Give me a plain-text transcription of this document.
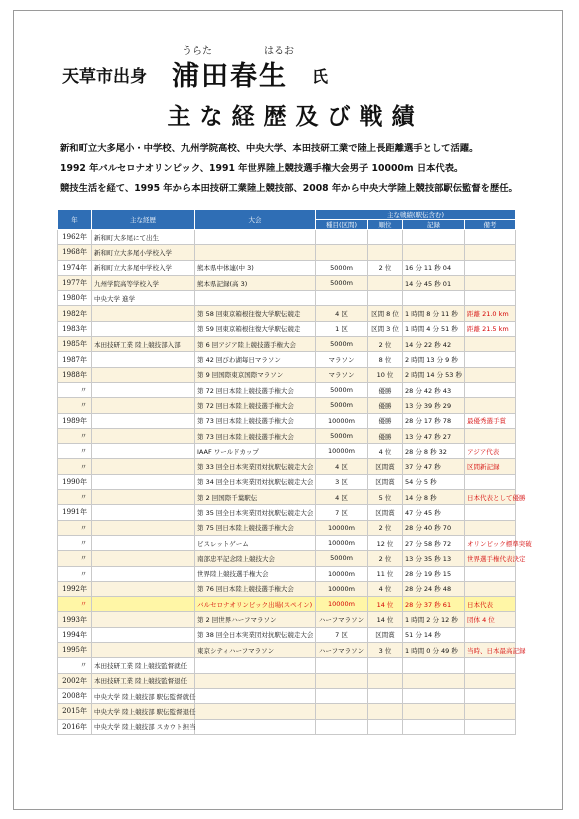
天草市出身
うらた	はるお
浦田春生 氏
主な経歴及び戦績
新和町立大多尾小・中学校、九州学院高校、中央大学、本田技研工業で陸上長距離選手として活躍。
1992 年バルセロナオリンピック、1991 年世界陸上競技選手権大会男子 10000m 日本代表。
競技生活を経て、1995 年から本田技研工業陸上競技部、2008 年から中央大学陸上競技部駅伝監督を歴任。
年	主な経歴	大会	主な戦績(駅伝含む)			
			種目(区間)	順位	記録	備考
1962年	新和町大多尾にて出生					
1968年	新和町立大多尾小学校入学					
1974年	新和町立大多尾中学校入学	熊本県中体連(中 3)	5000m	2 位	16 分 11 秒 04	
1977年	九州学院高等学校入学	熊本県記録(高 3)	5000m		14 分 45 秒 01	
1980年	中央大学 進学					
1982年		第 58 回東京箱根往復大学駅伝競走	4 区	区間 8 位	1 時間 8 分 11 秒	距離 21.0 km
1983年		第 59 回東京箱根往復大学駅伝競走	1 区	区間 3 位	1 時間 4 分 51 秒	距離 21.5 km
1985年	本田技研工業 陸上競技部入部	第 6 回アジア陸上競技選手権大会	5000m	2 位	14 分 22 秒 42	
1987年		第 42 回びわ湖毎日マラソン	マラソン	8 位	2 時間 13 分 9 秒	
1988年		第 9 回国際東京国際マラソン	マラソン	10 位	2 時間 14 分 53 秒	
〃		第 72 回日本陸上競技選手権大会	5000m	優勝	28 分 42 秒 43	
〃		第 72 回日本陸上競技選手権大会	5000m	優勝	13 分 39 秒 29	
1989年		第 73 回日本陸上競技選手権大会	10000m	優勝	28 分 17 秒 78	最優秀選手賞
〃		第 73 回日本陸上競技選手権大会	5000m	優勝	13 分 47 秒 27	
〃		IAAF ワールドカップ	10000m	4 位	28 分 8 秒 32	アジア代表
〃		第 33 回全日本実業団対抗駅伝競走大会	4 区	区間賞	37 分 47 秒	区間新記録
1990年		第 34 回全日本実業団対抗駅伝競走大会	3 区	区間賞	54 分 5 秒	
〃		第 2 回国際千葉駅伝	4 区	5 位	14 分 8 秒	日本代表として優勝
1991年		第 35 回全日本実業団対抗駅伝競走大会	7 区	区間賞	47 分 45 秒	
〃		第 75 回日本陸上競技選手権大会	10000m	2 位	28 分 40 秒 70	
〃		ビスレットゲーム	10000m	12 位	27 分 58 秒 72	オリンピック標準突破
〃		南部忠平記念陸上競技大会	5000m	2 位	13 分 35 秒 13	世界選手権代表決定
〃		世界陸上競技選手権大会	10000m	11 位	28 分 19 秒 15	
1992年		第 76 回日本陸上競技選手権大会	10000m	4 位	28 分 24 秒 48	
〃		バルセロナオリンピック出場(スペイン)	10000m	14 位	28 分 37 秒 61	日本代表
1993年		第 2 回世界ハーフマラソン	ハーフマラソン	14 位	1 時間 2 分 12 秒	団体 4 位
1994年		第 38 回全日本実業団対抗駅伝競走大会	7 区	区間賞	51 分 14 秒	
1995年		東京シティハーフマラソン	ハーフマラソン	3 位	1 時間 0 分 49 秒	当時、日本最高記録
〃	本田技研工業 陸上競技監督就任					
2002年	本田技研工業 陸上競技監督退任					
2008年	中央大学 陸上競技部 駅伝監督就任					
2015年	中央大学 陸上競技部 駅伝監督退任					
2016年	中央大学 陸上競技部 スカウト担当					
